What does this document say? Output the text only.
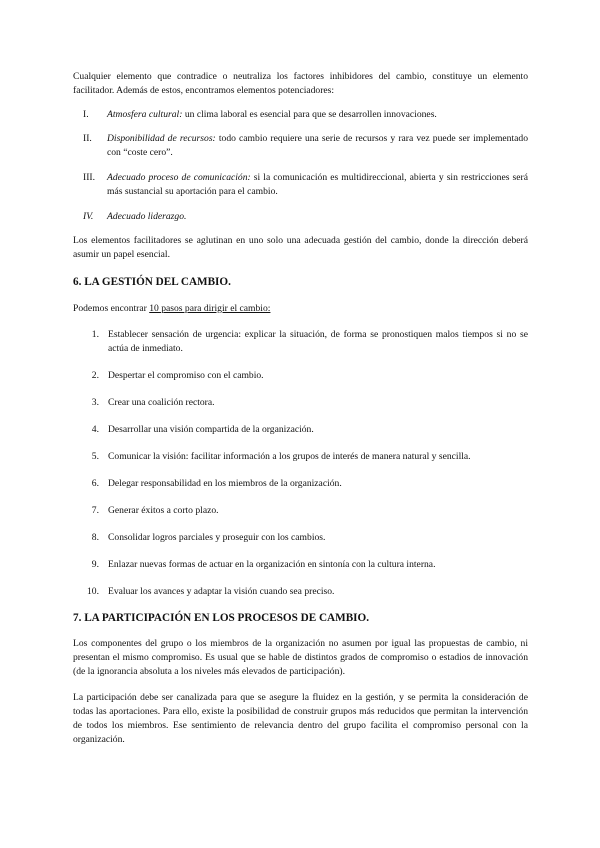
Cualquier elemento que contradice o neutraliza los factores inhibidores del cambio, constituye un elemento facilitador. Además de estos, encontramos elementos potenciadores:

I. Atmosfera cultural: un clima laboral es esencial para que se desarrollen innovaciones.
II. Disponibilidad de recursos: todo cambio requiere una serie de recursos y rara vez puede ser implementado con “coste cero”.
III. Adecuado proceso de comunicación: si la comunicación es multidireccional, abierta y sin restricciones será más sustancial su aportación para el cambio.
IV. Adecuado liderazgo.

Los elementos facilitadores se aglutinan en uno solo una adecuada gestión del cambio, donde la dirección deberá asumir un papel esencial.

6. LA GESTIÓN DEL CAMBIO.

Podemos encontrar 10 pasos para dirigir el cambio:

1. Establecer sensación de urgencia: explicar la situación, de forma se pronostiquen malos tiempos si no se actúa de inmediato.
2. Despertar el compromiso con el cambio.
3. Crear una coalición rectora.
4. Desarrollar una visión compartida de la organización.
5. Comunicar la visión: facilitar información a los grupos de interés de manera natural y sencilla.
6. Delegar responsabilidad en los miembros de la organización.
7. Generar éxitos a corto plazo.
8. Consolidar logros parciales y proseguir con los cambios.
9. Enlazar nuevas formas de actuar en la organización en sintonía con la cultura interna.
10. Evaluar los avances y adaptar la visión cuando sea preciso.
7. LA PARTICIPACIÓN EN LOS PROCESOS DE CAMBIO.

Los componentes del grupo o los miembros de la organización no asumen por igual las propuestas de cambio, ni presentan el mismo compromiso. Es usual que se hable de distintos grados de compromiso o estadios de innovación (de la ignorancia absoluta a los niveles más elevados de participación).

La participación debe ser canalizada para que se asegure la fluidez en la gestión, y se permita la consideración de todas las aportaciones. Para ello, existe la posibilidad de construir grupos más reducidos que permitan la intervención de todos los miembros. Ese sentimiento de relevancia dentro del grupo facilita el compromiso personal con la organización.
